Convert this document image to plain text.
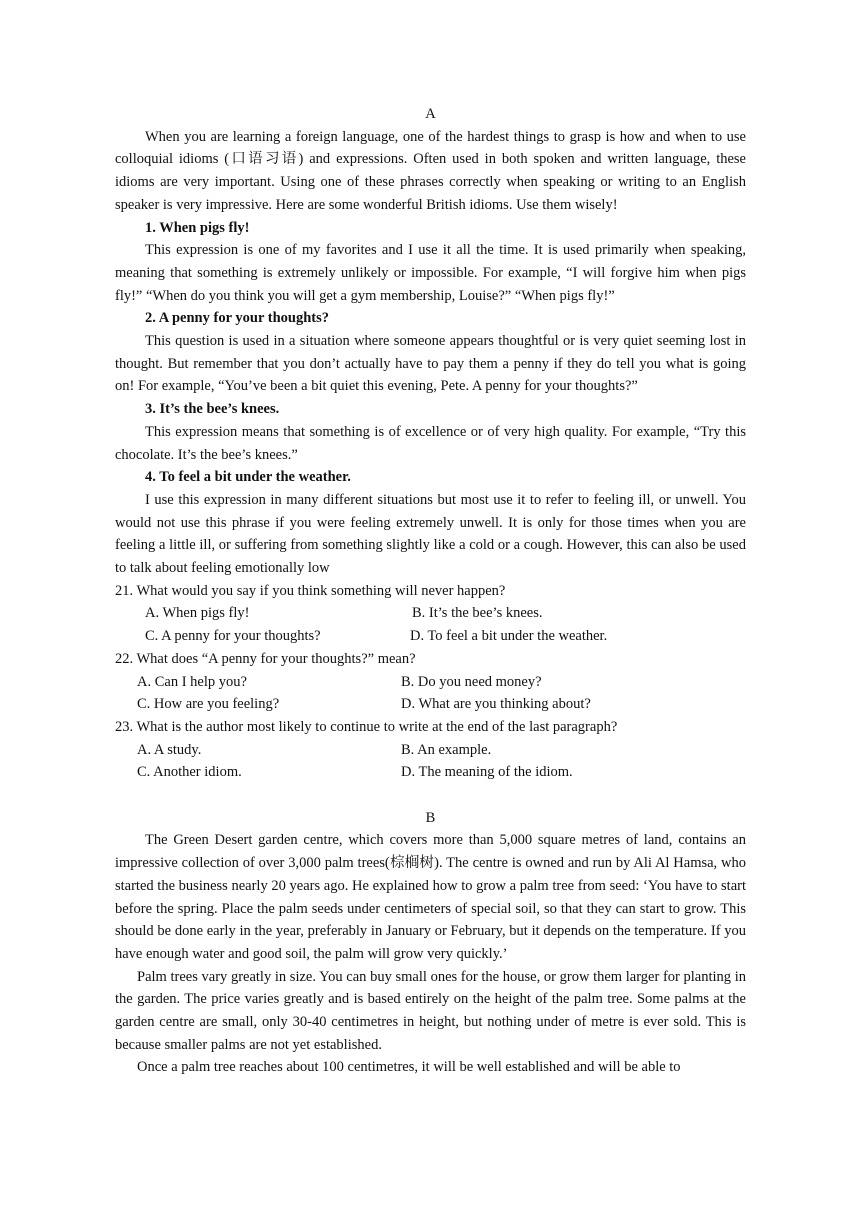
A

When you are learning a foreign language, one of the hardest things to grasp is how and when to use colloquial idioms (口语习语) and expressions. Often used in both spoken and written language, these idioms are very important. Using one of these phrases correctly when speaking or writing to an English speaker is very impressive. Here are some wonderful British idioms. Use them wisely!

1. When pigs fly!

This expression is one of my favorites and I use it all the time. It is used primarily when speaking, meaning that something is extremely unlikely or impossible. For example, “I will forgive him when pigs fly!” “When do you think you will get a gym membership, Louise?” “When pigs fly!”

2. A penny for your thoughts?

This question is used in a situation where someone appears thoughtful or is very quiet seeming lost in thought. But remember that you don’t actually have to pay them a penny if they do tell you what is going on! For example, “You’ve been a bit quiet this evening, Pete. A penny for your thoughts?”

3. It’s the bee’s knees.

This expression means that something is of excellence or of very high quality. For example, “Try this chocolate. It’s the bee’s knees.”

4. To feel a bit under the weather.

I use this expression in many different situations but most use it to refer to feeling ill, or unwell. You would not use this phrase if you were feeling extremely unwell. It is only for those times when you are feeling a little ill, or suffering from something slightly like a cold or a cough. However, this can also be used to talk about feeling emotionally low

21. What would you say if you think something will never happen?
A. When pigs fly!	B. It’s the bee’s knees.
C. A penny for your thoughts?	D. To feel a bit under the weather.
22. What does “A penny for your thoughts?” mean?
A. Can I help you?	B. Do you need money?
C. How are you feeling?	D. What are you thinking about?
23. What is the author most likely to continue to write at the end of the last paragraph?
A. A study.	B. An example.
C. Another idiom.	D. The meaning of the idiom.
B

The Green Desert garden centre, which covers more than 5,000 square metres of land, contains an impressive collection of over 3,000 palm trees(棕榈树). The centre is owned and run by Ali Al Hamsa, who started the business nearly 20 years ago. He explained how to grow a palm tree from seed: ‘You have to start before the spring. Place the palm seeds under centimeters of special soil, so that they can start to grow. This should be done early in the year, preferably in January or February, but it depends on the temperature. If you have enough water and good soil, the palm will grow very quickly.’

Palm trees vary greatly in size. You can buy small ones for the house, or grow them larger for planting in the garden. The price varies greatly and is based entirely on the height of the palm tree. Some palms at the garden centre are small, only 30-40 centimetres in height, but nothing under of metre is ever sold. This is because smaller palms are not yet established.

Once a palm tree reaches about 100 centimetres, it will be well established and will be able to
